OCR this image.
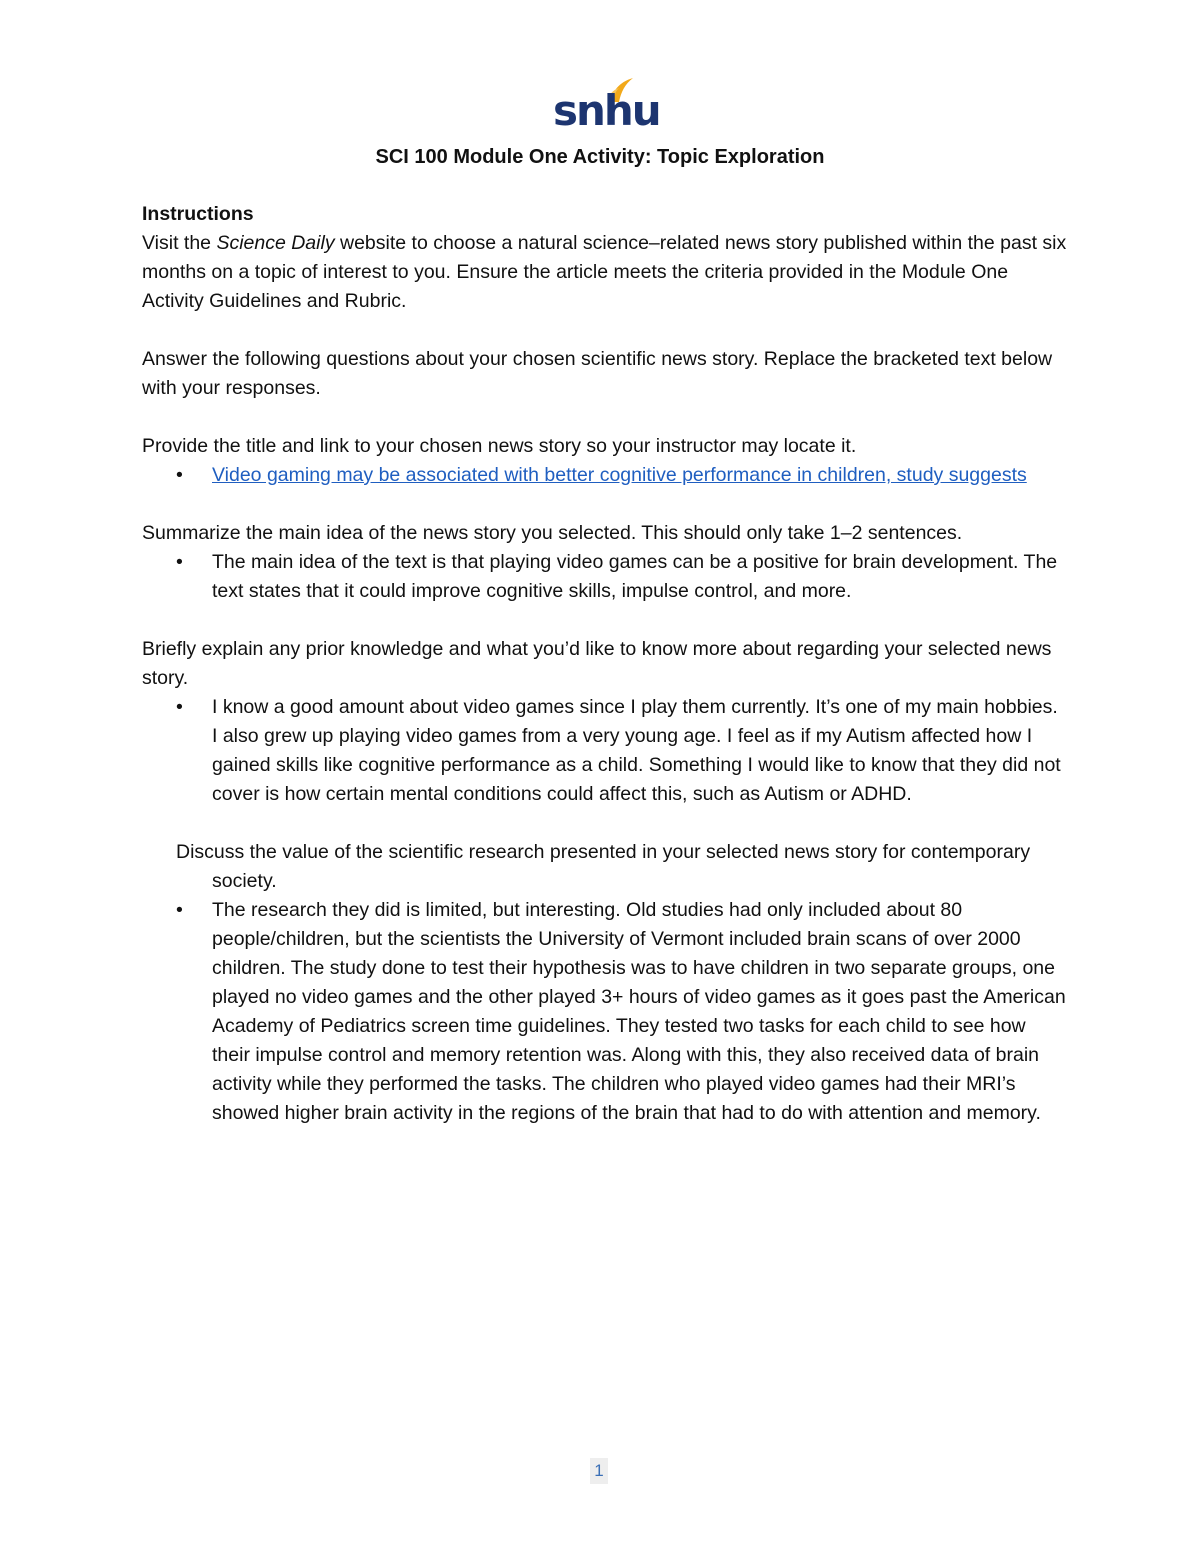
snhu
SCI 100 Module One Activity: Topic Exploration

Instructions

Visit the Science Daily website to choose a natural science–related news story published within the past six months on a topic of interest to you. Ensure the article meets the criteria provided in the Module One Activity Guidelines and Rubric.

Answer the following questions about your chosen scientific news story. Replace the bracketed text below with your responses.

Provide the title and link to your chosen news story so your instructor may locate it.

• Video gaming may be associated with better cognitive performance in children, study suggests

Summarize the main idea of the news story you selected. This should only take 1–2 sentences.

• The main idea of the text is that playing video games can be a positive for brain development. The text states that it could improve cognitive skills, impulse control, and more.

Briefly explain any prior knowledge and what you’d like to know more about regarding your selected news story.

• I know a good amount about video games since I play them currently. It’s one of my main hobbies. I also grew up playing video games from a very young age. I feel as if my Autism affected how I gained skills like cognitive performance as a child. Something I would like to know that they did not cover is how certain mental conditions could affect this, such as Autism or ADHD.

Discuss the value of the scientific research presented in your selected news story for contemporary society.

• The research they did is limited, but interesting. Old studies had only included about 80 people/children, but the scientists the University of Vermont included brain scans of over 2000 children. The study done to test their hypothesis was to have children in two separate groups, one played no video games and the other played 3+ hours of video games as it goes past the American Academy of Pediatrics screen time guidelines. They tested two tasks for each child to see how their impulse control and memory retention was. Along with this, they also received data of brain activity while they performed the tasks. The children who played video games had their MRI’s showed higher brain activity in the regions of the brain that had to do with attention and memory.
1
